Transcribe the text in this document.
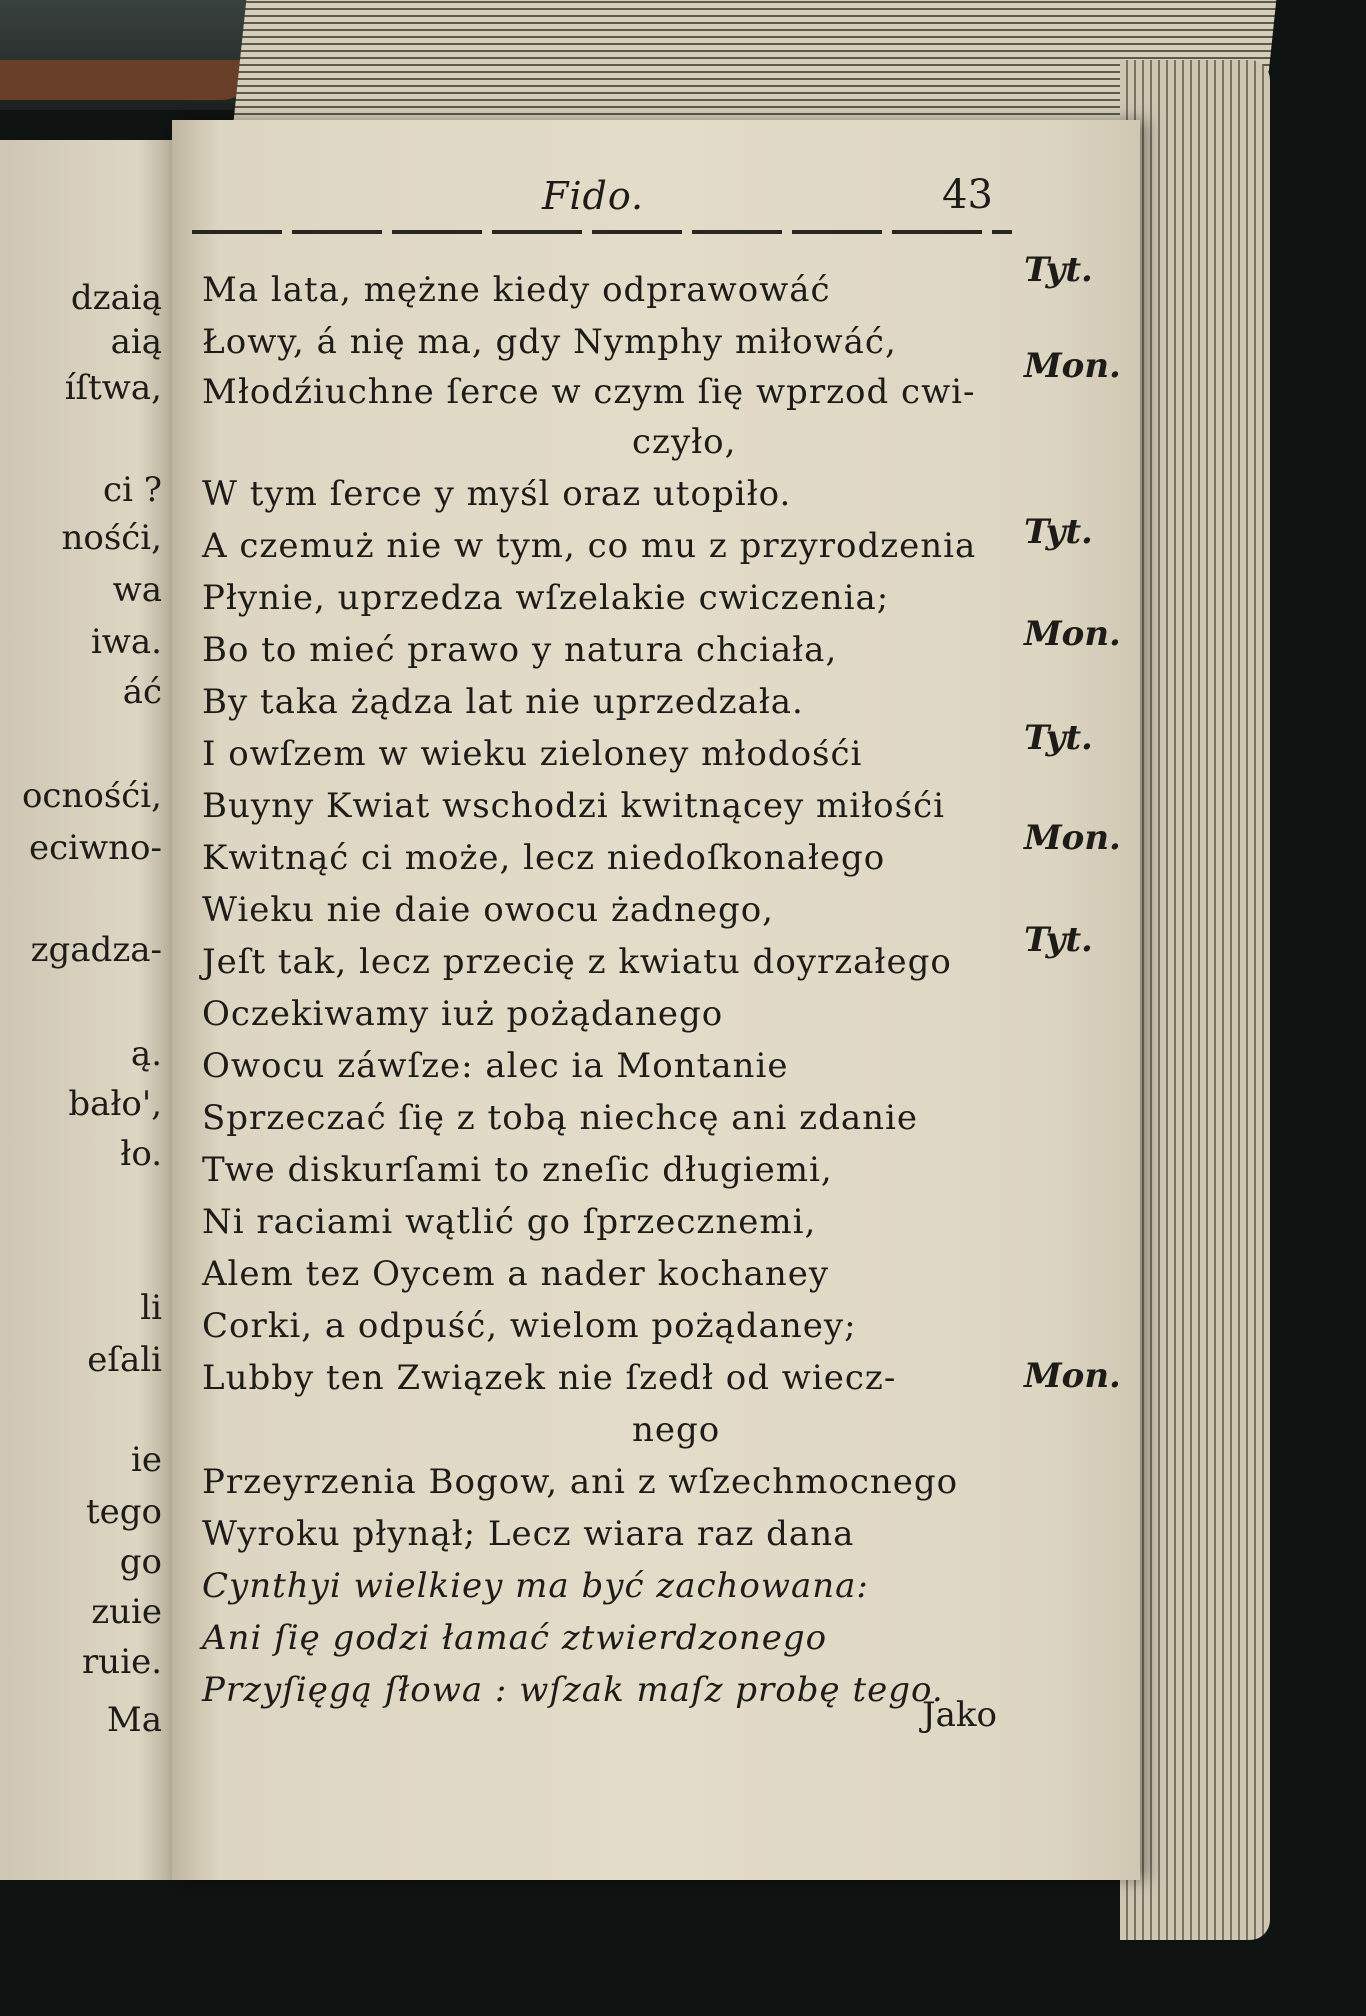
dzaią
aią
íſtwa,
ci ?
nośći,
wa
iwa.
áć
ocnośći,
eciwno-
zgadza-
ą.
bało',
ło.
li
eſali
ie
tego
go
zuie
ruie.
Ma
Fido.	43
Ma lata, mężne kiedy odprawowáć
Łowy, á nię ma, gdy Nymphy miłowáć,
Młodźiuchne ſerce w czym ſię wprzod cwi-
czyło,
W tym ſerce y myśl oraz utopiło.
A czemuż nie w tym, co mu z przyrodzenia
Płynie, uprzedza wſzelakie cwiczenia;
Bo to mieć prawo y natura chciała,
By taka żądza lat nie uprzedzała.
I owſzem w wieku zieloney młodośći
Buyny Kwiat wschodzi kwitnącey miłośći
Kwitnąć ci może, lecz niedoſkonałego
Wieku nie daie owocu żadnego,
Jeſt tak, lecz przecię z kwiatu doyrzałego
Oczekiwamy iuż pożądanego
Owocu záwſze: alec ia Montanie
Sprzeczać ſię z tobą niechcę ani zdanie
Twe diskurſami to zneſic długiemi,
Ni raciami wątlić go ſprzecznemi,
Alem tez Oycem a nader kochaney
Corki, a odpuść, wielom pożądaney;
Lubby ten Związek nie ſzedł od wiecz-
nego
Przeyrzenia Bogow, ani z wſzechmocnego
Wyroku płynął; Lecz wiara raz dana
Cynthyi wielkiey ma być zachowana:
Ani ſię godzi łamać ztwierdzonego
Przyſięgą ſłowa : wſzak maſz probę tego.
Tyt.
Mon.
Tyt.
Mon.
Tyt.
Mon.
Tyt.
Mon.
Jako
